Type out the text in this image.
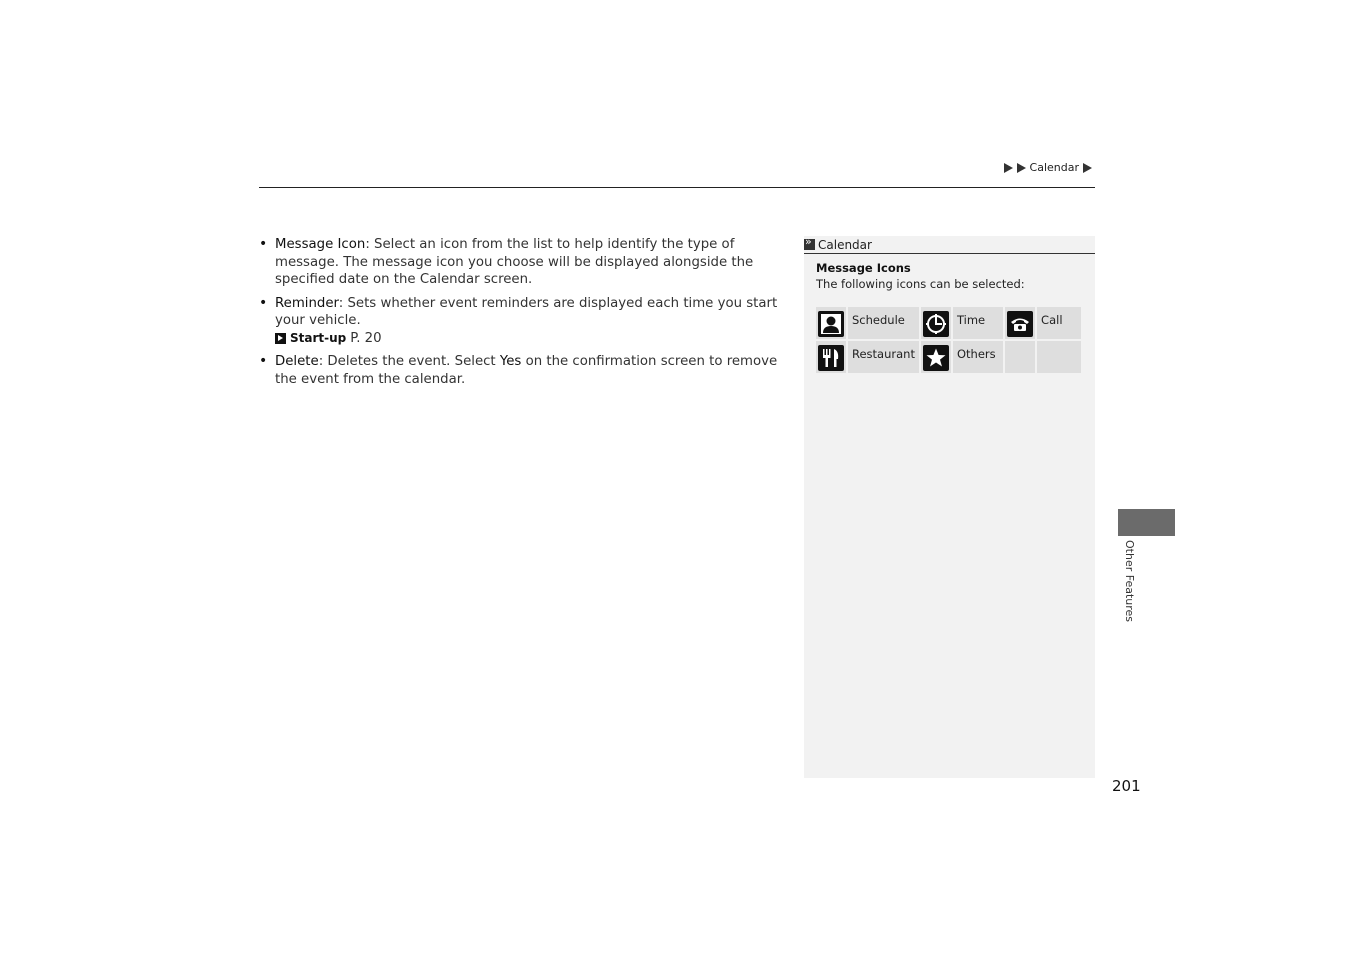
Calendar
• Message Icon: Select an icon from the list to help identify the type of message. The message icon you choose will be displayed alongside the specified date on the Calendar screen.
• Reminder: Sets whether event reminders are displayed each time you start your vehicle.
Start-up P. 20
• Delete: Deletes the event. Select Yes on the confirmation screen to remove the event from the calendar.
»
Calendar
Message Icons
The following icons can be selected:
	Schedule		Time		Call

	Restaurant		Others		
Other Features
201
